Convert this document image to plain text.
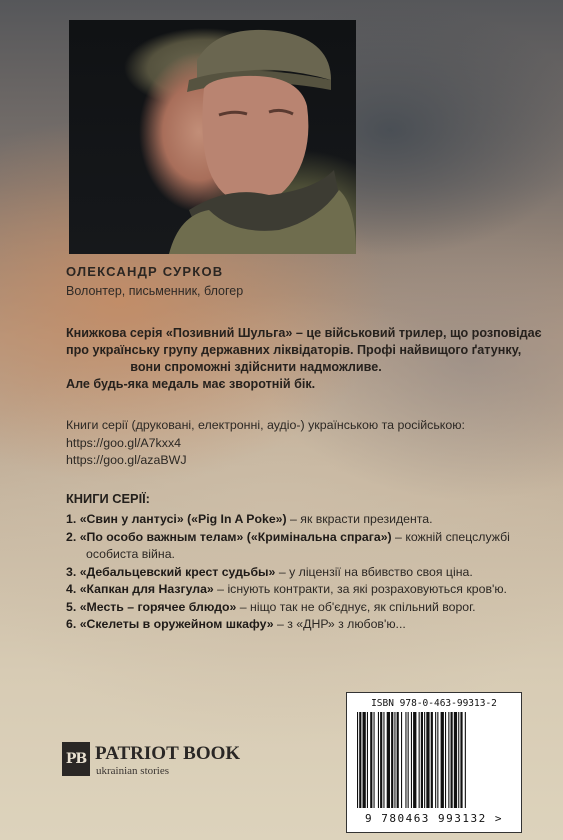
ОЛЕКСАНДР СУРКОВ
Волонтер, письменник, блогер
Книжкова серія «Позивний Шульга» – це військовий трилер, що розповідає
про українську групу державних ліквідаторів. Профі найвищого ґатунку,
вони спроможні здійснити надможливе.
Але будь-яка медаль має зворотній бік.
Книги серії (друковані, електронні, аудіо-) українською та російською:
https://goo.gl/A7kxx4
https://goo.gl/azaBWJ
КНИГИ СЕРІЇ:
1. «Свин у лантусі» («Pig In A Poke») – як вкрасти президента.
2. «По особо важным телам» («Кримінальна спрага») – кожній спецслужбі
особиста війна.
3. «Дебальцевский крест судьбы» – у ліцензії на вбивство своя ціна.
4. «Капкан для Назгула» – існують контракти, за які розраховуються кров'ю.
5. «Месть – горячее блюдо» – ніщо так не об'єднує, як спільний ворог.
6. «Скелеты в оружейном шкафу» – з «ДНР» з любов'ю...
PB PATRIOT BOOK
ukrainian stories
ISBN 978-0-463-99313-2
9 780463 993132 >
